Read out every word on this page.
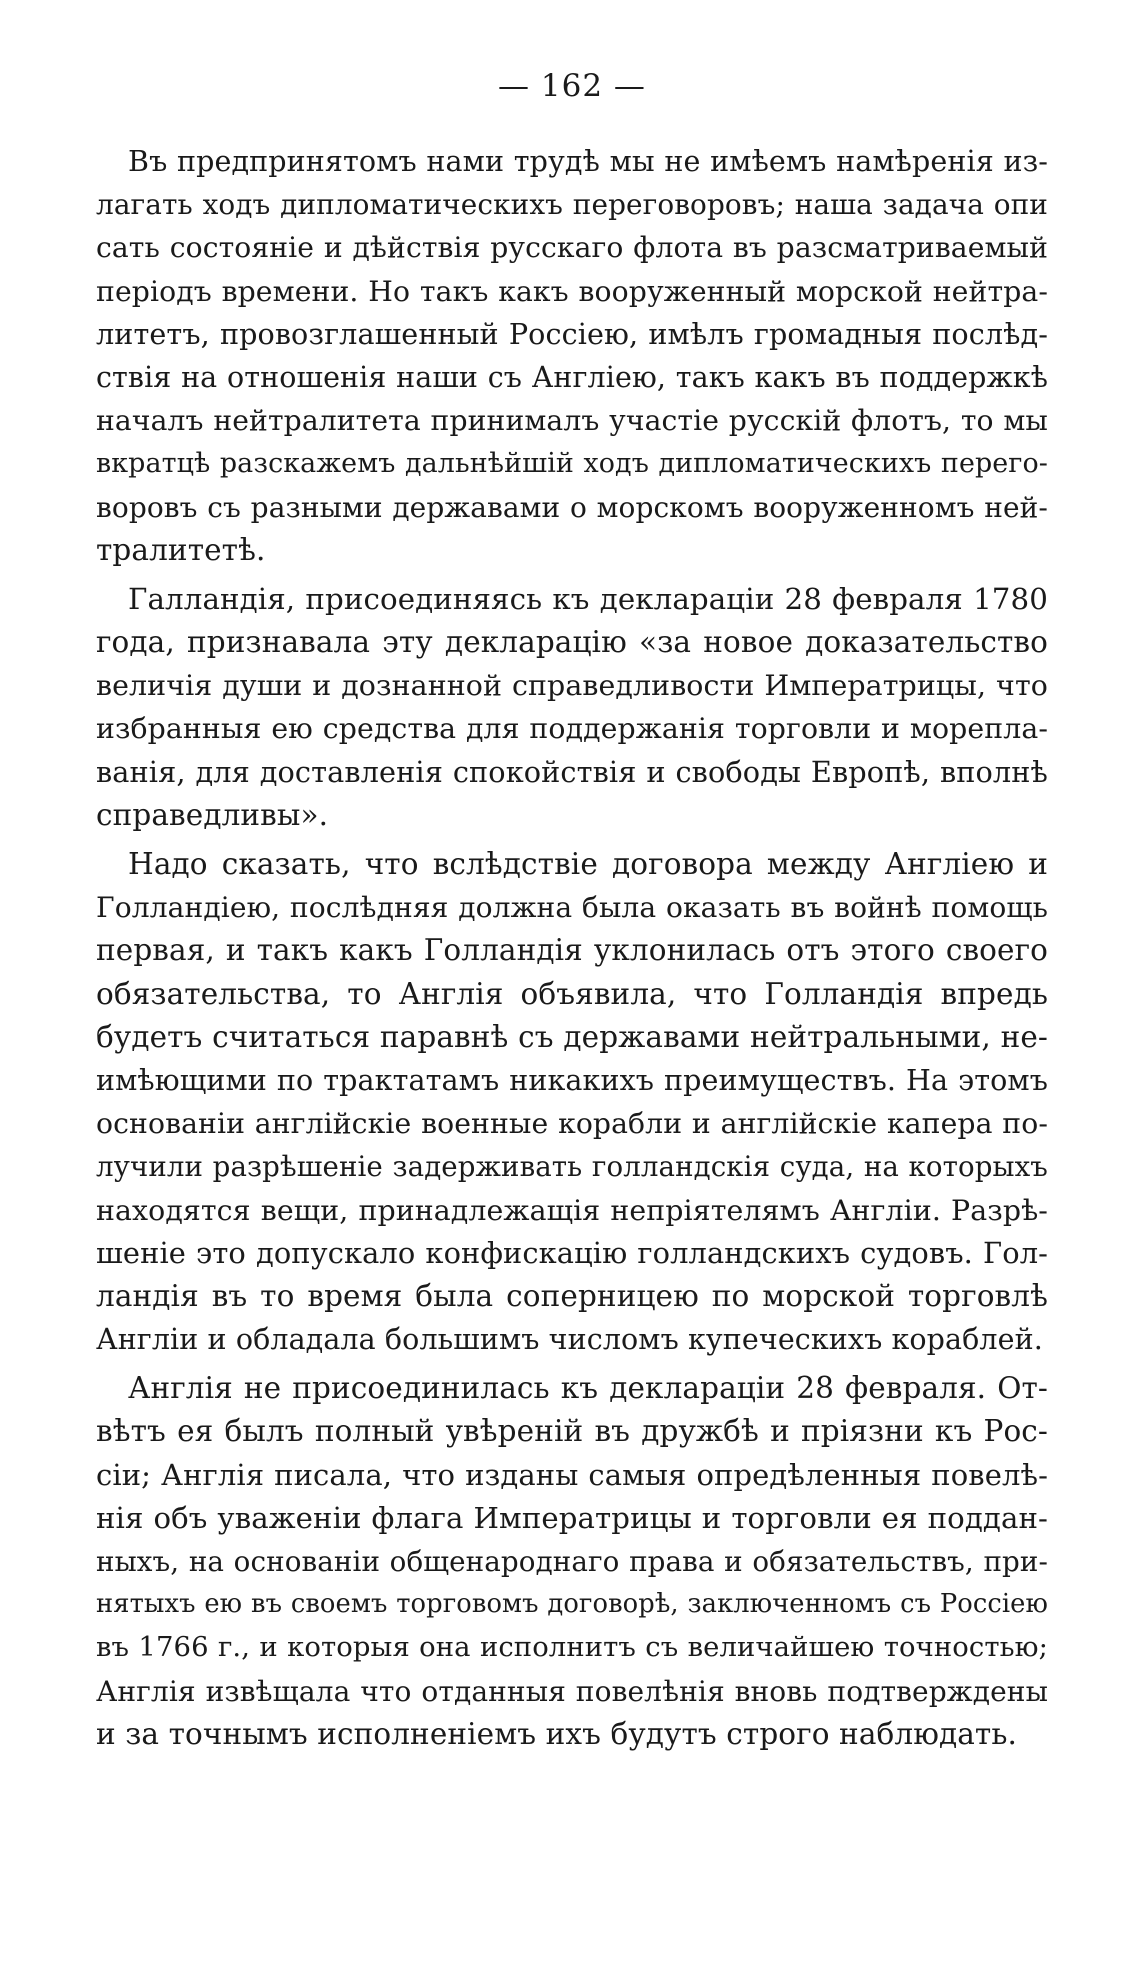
— 162 —
Въ предпринятомъ нами трудѣ мы не имѣемъ намѣренія из-
лагать ходъ дипломатическихъ переговоровъ; наша задача опи
сать состояніе и дѣйствія русскаго флота въ разсматриваемый
періодъ времени. Но такъ какъ вооруженный морской нейтра-
литетъ, провозглашенный Россіею, имѣлъ громадныя послѣд-
ствія на отношенія наши съ Англіею, такъ какъ въ поддержкѣ
началъ нейтралитета принималъ участіе русскій флотъ, то мы
вкратцѣ разскажемъ дальнѣйшій ходъ дипломатическихъ перего-
воровъ съ разными державами о морскомъ вооруженномъ ней-
тралитетѣ.
Галландія, присоединяясь къ деклараціи 28 февраля 1780
года, признавала эту декларацію «за новое доказательство
величія души и дознанной справедливости Императрицы, что
избранныя ею средства для поддержанія торговли и морепла-
ванія, для доставленія спокойствія и свободы Европѣ, вполнѣ
справедливы».
Надо сказать, что вслѣдствіе договора между Англіею и
Голландіею, послѣдняя должна была оказать въ войнѣ помощь
первая, и такъ какъ Голландія уклонилась отъ этого своего
обязательства, то Англія объявила, что Голландія впредь
будетъ считаться паравнѣ съ державами нейтральными, не-
имѣющими по трактатамъ никакихъ преимуществъ. На этомъ
основаніи англійскіе военные корабли и англійскіе капера по-
лучили разрѣшеніе задерживать голландскія суда, на которыхъ
находятся вещи, принадлежащія непріятелямъ Англіи. Разрѣ-
шеніе это допускало конфискацію голландскихъ судовъ. Гол-
ландія въ то время была соперницею по морской торговлѣ
Англіи и обладала большимъ числомъ купеческихъ кораблей.
Англія не присоединилась къ деклараціи 28 февраля. От-
вѣтъ ея былъ полный увѣреній въ дружбѣ и пріязни къ Рос-
сіи; Англія писала, что изданы самыя опредѣленныя повелѣ-
нія объ уваженіи флага Императрицы и торговли ея поддан-
ныхъ, на основаніи общенароднаго права и обязательствъ, при-
нятыхъ ею въ своемъ торговомъ договорѣ, заключенномъ съ Россіею
въ 1766 г., и которыя она исполнитъ съ величайшею точностью;
Англія извѣщала что отданныя повелѣнія вновь подтверждены
и за точнымъ исполненіемъ ихъ будутъ строго наблюдать.
